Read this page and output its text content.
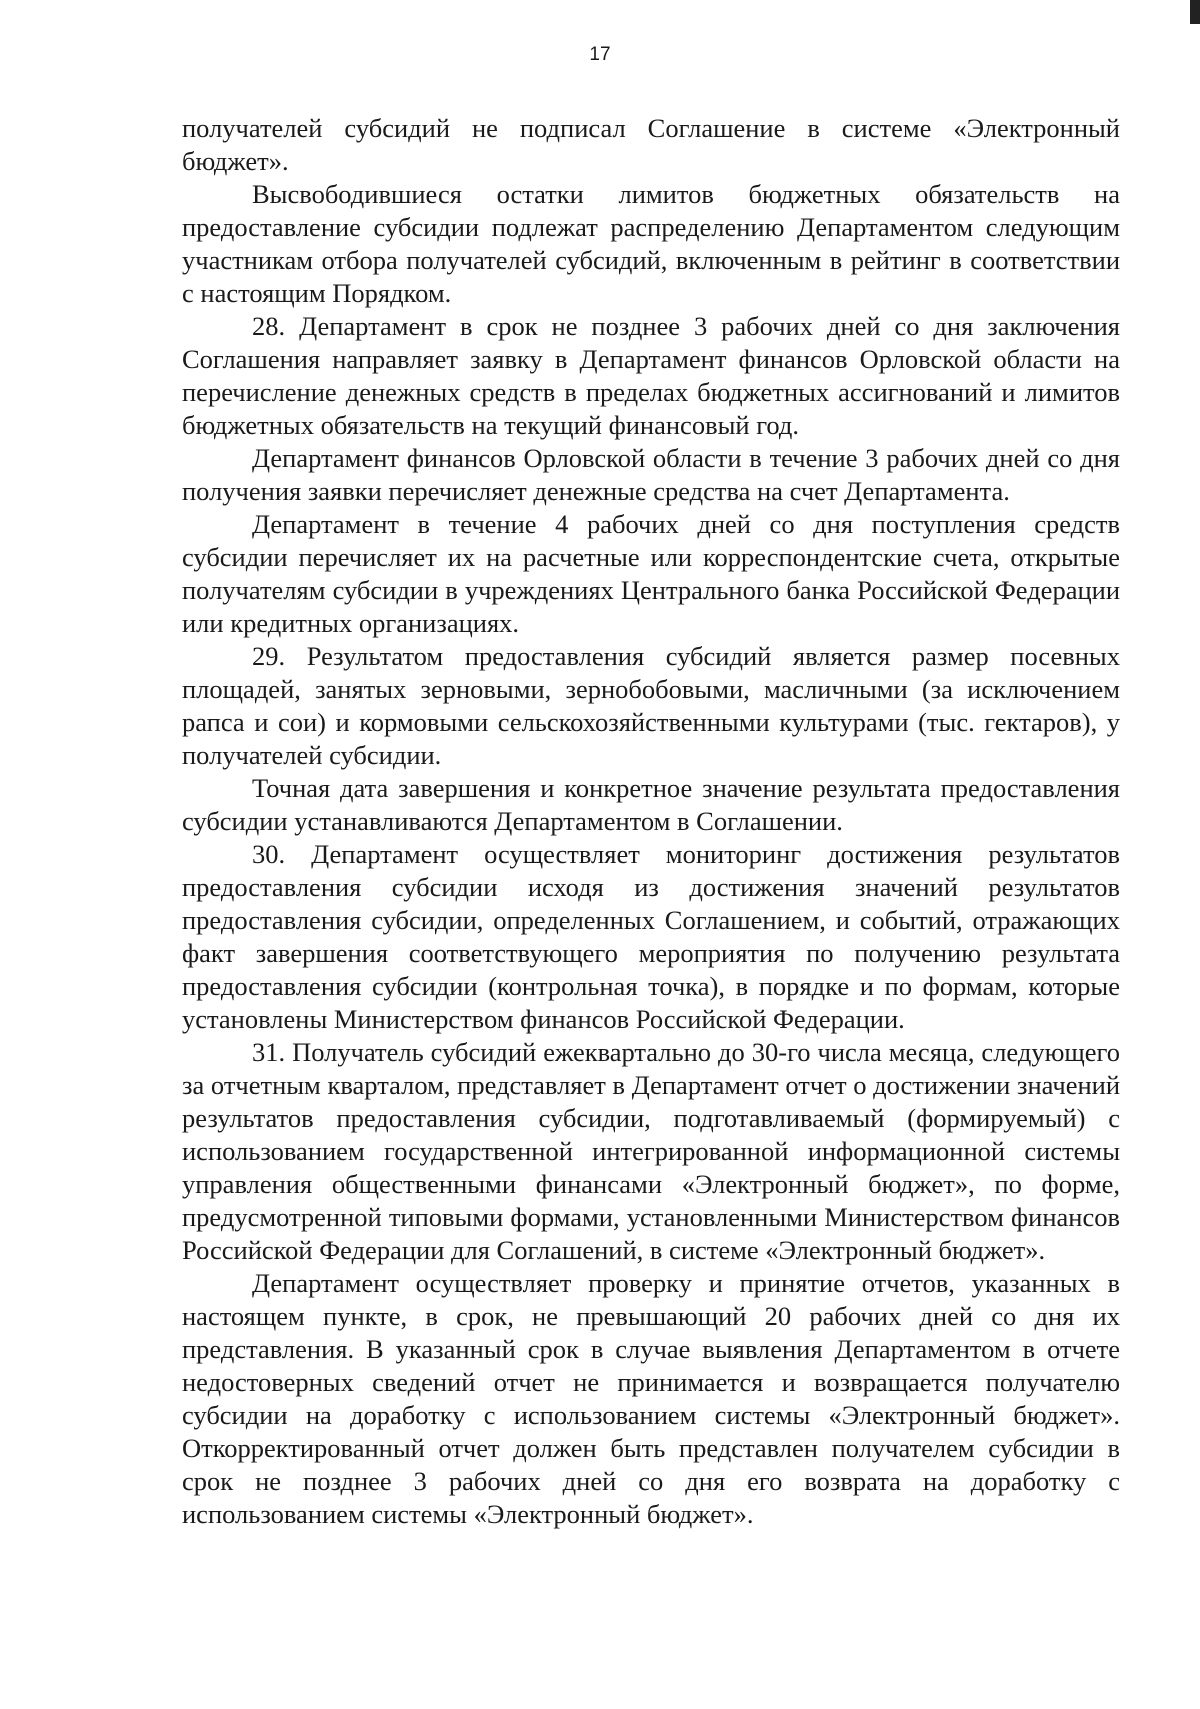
17

получателей субсидий не подписал Соглашение в системе «Электронный бюджет».

Высвободившиеся остатки лимитов бюджетных обязательств на предоставление субсидии подлежат распределению Департаментом следующим участникам отбора получателей субсидий, включенным в рейтинг в соответствии с настоящим Порядком.

28. Департамент в срок не позднее 3 рабочих дней со дня заключения Соглашения направляет заявку в Департамент финансов Орловской области на перечисление денежных средств в пределах бюджетных ассигнований и лимитов бюджетных обязательств на текущий финансовый год.

Департамент финансов Орловской области в течение 3 рабочих дней со дня получения заявки перечисляет денежные средства на счет Департамента.

Департамент в течение 4 рабочих дней со дня поступления средств субсидии перечисляет их на расчетные или корреспондентские счета, открытые получателям субсидии в учреждениях Центрального банка Российской Федерации или кредитных организациях.

29. Результатом предоставления субсидий является размер посевных площадей, занятых зерновыми, зернобобовыми, масличными (за исключением рапса и сои) и кормовыми сельскохозяйственными культурами (тыс. гектаров), у получателей субсидии.

Точная дата завершения и конкретное значение результата предоставления субсидии устанавливаются Департаментом в Соглашении.

30. Департамент осуществляет мониторинг достижения результатов предоставления субсидии исходя из достижения значений результатов предоставления субсидии, определенных Соглашением, и событий, отражающих факт завершения соответствующего мероприятия по получению результата предоставления субсидии (контрольная точка), в порядке и по формам, которые установлены Министерством финансов Российской Федерации.

31. Получатель субсидий ежеквартально до 30-го числа месяца, следующего за отчетным кварталом, представляет в Департамент отчет о достижении значений результатов предоставления субсидии, подготавливаемый (формируемый) с использованием государственной интегрированной информационной системы управления общественными финансами «Электронный бюджет», по форме, предусмотренной типовыми формами, установленными Министерством финансов Российской Федерации для Соглашений, в системе «Электронный бюджет».

Департамент осуществляет проверку и принятие отчетов, указанных в настоящем пункте, в срок, не превышающий 20 рабочих дней со дня их представления. В указанный срок в случае выявления Департаментом в отчете недостоверных сведений отчет не принимается и возвращается получателю субсидии на доработку с использованием системы «Электронный бюджет». Откорректированный отчет должен быть представлен получателем субсидии в срок не позднее 3 рабочих дней со дня его возврата на доработку с использованием системы «Электронный бюджет».
